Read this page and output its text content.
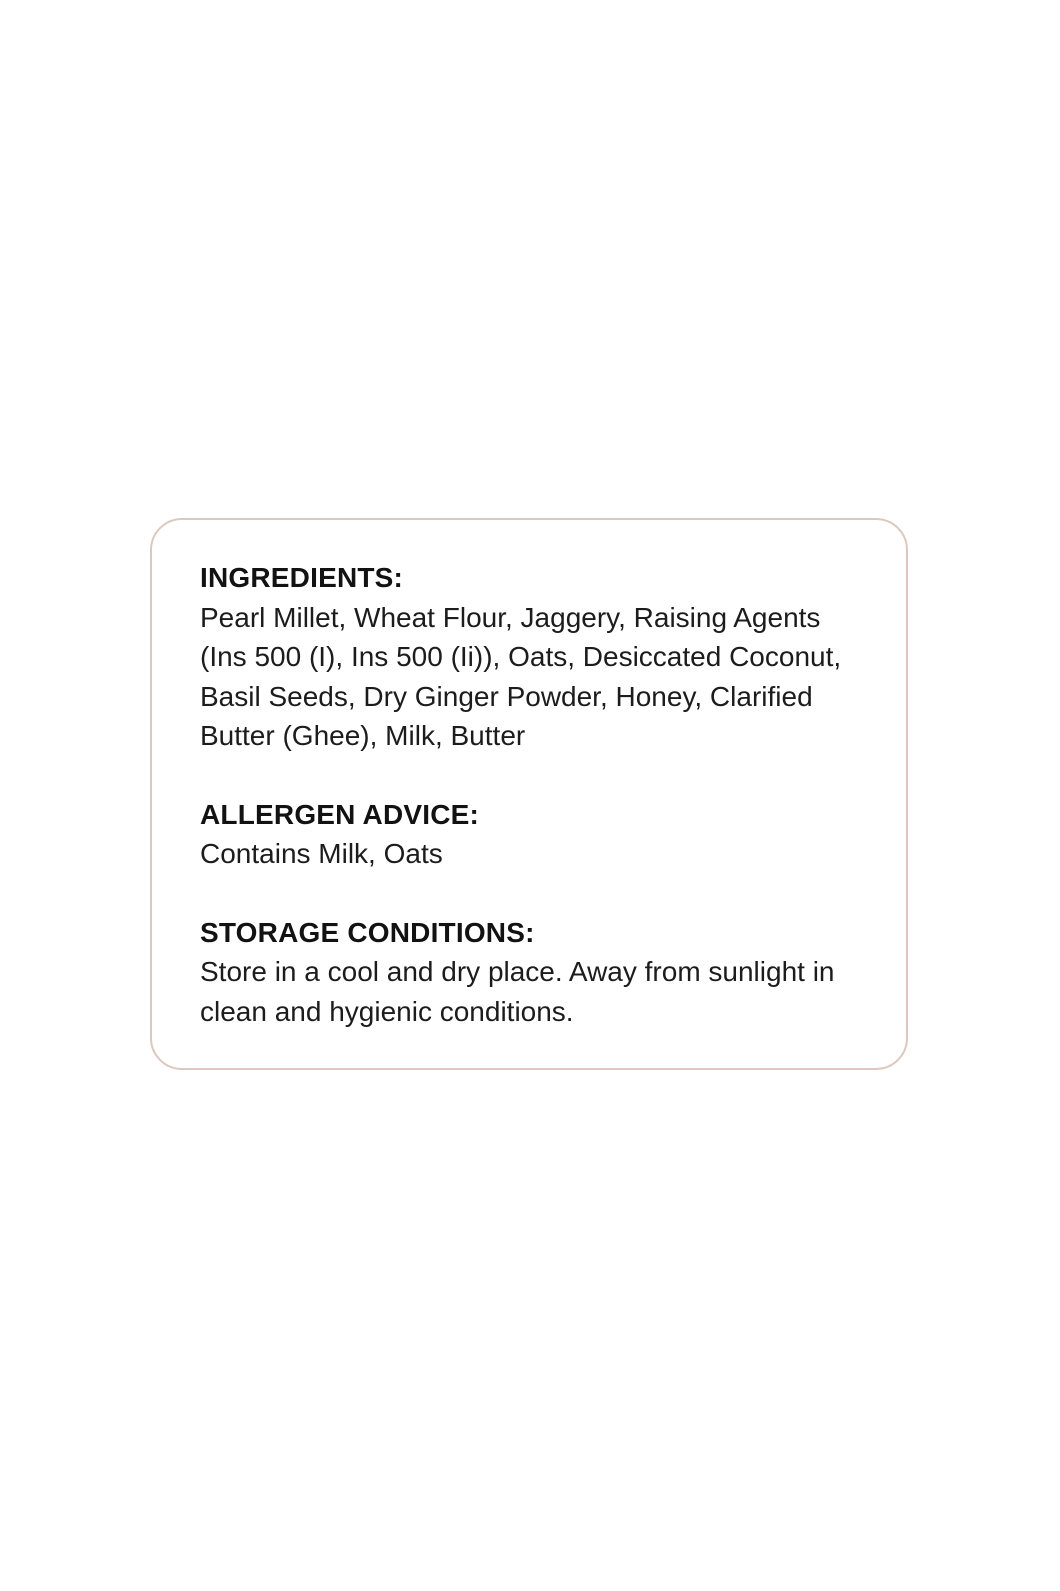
INGREDIENTS:
Pearl Millet, Wheat Flour, Jaggery, Raising Agents (Ins 500 (I), Ins 500 (Ii)), Oats, Desiccated Coconut, Basil Seeds, Dry Ginger Powder, Honey, Clarified Butter (Ghee), Milk, Butter
ALLERGEN ADVICE:
Contains Milk, Oats
STORAGE CONDITIONS:
Store in a cool and dry place. Away from sunlight in clean and hygienic conditions.
